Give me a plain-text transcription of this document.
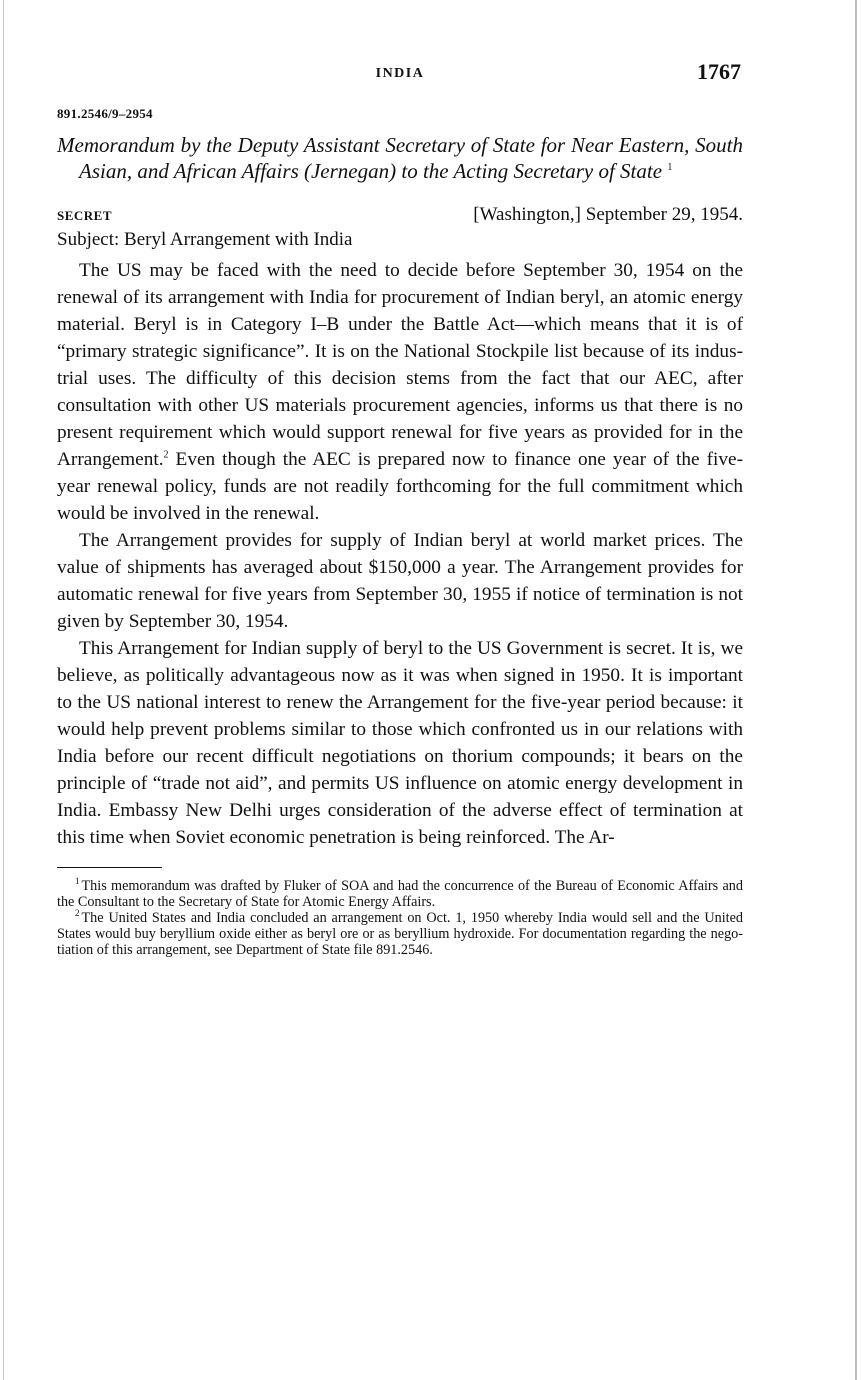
INDIA	1767
891.2546/9–2954
Memorandum by the Deputy Assistant Secretary of State for Near Eastern, South Asian, and African Affairs (Jernegan) to the Acting Secretary of State $^1$
SECRET	[Washington,] September 29, 1954.
Subject: Beryl Arrangement with India

The US may be faced with the need to decide before September 30, 1954 on the renewal of its arrangement with India for procurement of Indian beryl, an atomic energy material. Beryl is in Category I–B under the Battle Act—which means that it is of “primary strategic significance”. It is on the National Stockpile list because of its industrial uses. The difficulty of this decision stems from the fact that our AEC, after consultation with other US materials procurement agencies, informs us that there is no present requirement which would support renewal for five years as provided for in the Arrangement.$^2$ Even though the AEC is prepared now to finance one year of the five-year renewal policy, funds are not readily forthcoming for the full commitment which would be involved in the renewal.

The Arrangement provides for supply of Indian beryl at world market prices. The value of shipments has averaged about $150,000 a year. The Arrangement provides for automatic renewal for five years from September 30, 1955 if notice of termination is not given by September 30, 1954.

This Arrangement for Indian supply of beryl to the US Government is secret. It is, we believe, as politically advantageous now as it was when signed in 1950. It is important to the US national interest to renew the Arrangement for the five-year period because: it would help prevent problems similar to those which confronted us in our relations with India before our recent difficult negotiations on thorium compounds; it bears on the principle of “trade not aid”, and permits US influence on atomic energy development in India. Embassy New Delhi urges consideration of the adverse effect of termination at this time when Soviet economic penetration is being reinforced. The Ar-

$^1$ This memorandum was drafted by Fluker of SOA and had the concurrence of the Bureau of Economic Affairs and the Consultant to the Secretary of State for Atomic Energy Affairs.

$^2$ The United States and India concluded an arrangement on Oct. 1, 1950 whereby India would sell and the United States would buy beryllium oxide either as beryl ore or as beryllium hydroxide. For documentation regarding the negotiation of this arrangement, see Department of State file 891.2546.
